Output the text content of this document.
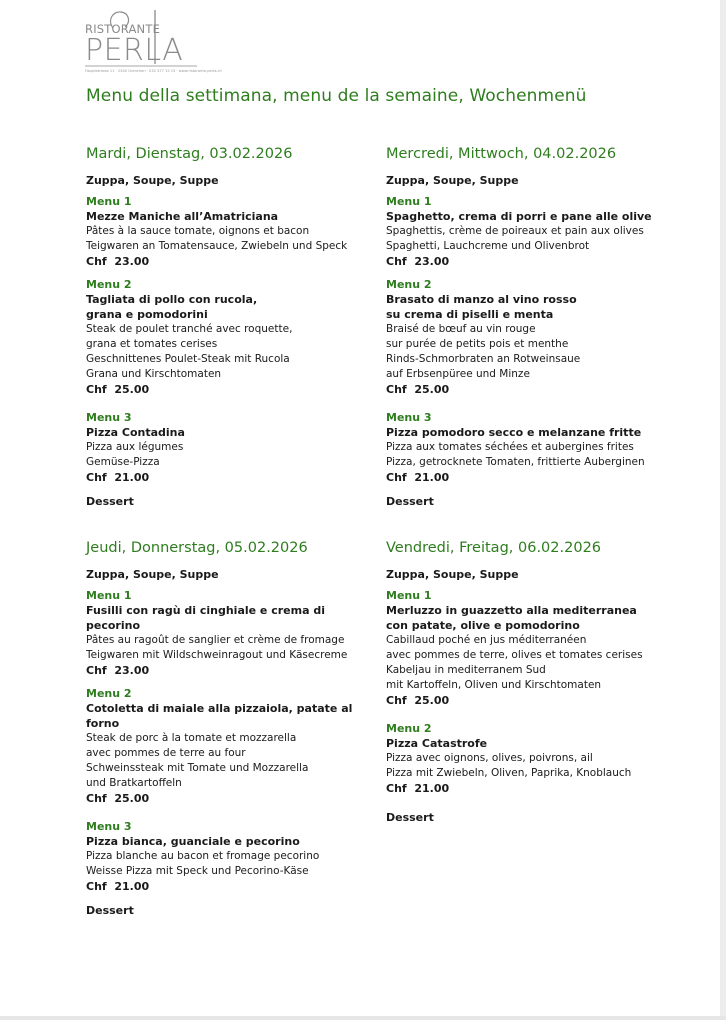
RISTORANTE
PERLA
Hauptstrasse 11 · 2540 Grenchen · 032 377 15 15 · www.ristorante-perla.ch
Menu della settimana, menu de la semaine, Wochenmenü
Mardi, Dienstag, 03.02.2026
Zuppa, Soupe, Suppe
Menu 1
Mezze Maniche all’Amatriciana
Pâtes à la sauce tomate, oignons et bacon
Teigwaren an Tomatensauce, Zwiebeln und Speck
Chf  23.00
Menu 2
Tagliata di pollo con rucola,
grana e pomodorini
Steak de poulet tranché avec roquette,
grana et tomates cerises
Geschnittenes Poulet-Steak mit Rucola
Grana und Kirschtomaten
Chf  25.00
Menu 3
Pizza Contadina
Pizza aux légumes
Gemüse-Pizza
Chf  21.00
Dessert
Mercredi, Mittwoch, 04.02.2026
Zuppa, Soupe, Suppe
Menu 1
Spaghetto, crema di porri e pane alle olive
Spaghettis, crème de poireaux et pain aux olives
Spaghetti, Lauchcreme und Olivenbrot
Chf  23.00
Menu 2
Brasato di manzo al vino rosso
su crema di piselli e menta
Braisé de bœuf au vin rouge
sur purée de petits pois et menthe
Rinds-Schmorbraten an Rotweinsaue
auf Erbsenpüree und Minze
Chf  25.00
Menu 3
Pizza pomodoro secco e melanzane fritte
Pizza aux tomates séchées et aubergines frites
Pizza, getrocknete Tomaten, frittierte Auberginen
Chf  21.00
Dessert
Jeudi, Donnerstag, 05.02.2026
Zuppa, Soupe, Suppe
Menu 1
Fusilli con ragù di cinghiale e crema di pecorino
Pâtes au ragoût de sanglier et crème de fromage
Teigwaren mit Wildschweinragout und Käsecreme
Chf  23.00
Menu 2
Cotoletta di maiale alla pizzaiola, patate al forno
Steak de porc à la tomate et mozzarella
avec pommes de terre au four
Schweinssteak mit Tomate und Mozzarella
und Bratkartoffeln
Chf  25.00
Menu 3
Pizza bianca, guanciale e pecorino
Pizza blanche au bacon et fromage pecorino
Weisse Pizza mit Speck und Pecorino-Käse
Chf  21.00
Dessert
Vendredi, Freitag, 06.02.2026
Zuppa, Soupe, Suppe
Menu 1
Merluzzo in guazzetto alla mediterranea
con patate, olive e pomodorino
Cabillaud poché en jus méditerranéen
avec pommes de terre, olives et tomates cerises
Kabeljau in mediterranem Sud
mit Kartoffeln, Oliven und Kirschtomaten
Chf  25.00
Menu 2
Pizza Catastrofe
Pizza avec oignons, olives, poivrons, ail
Pizza mit Zwiebeln, Oliven, Paprika, Knoblauch
Chf  21.00
Dessert
